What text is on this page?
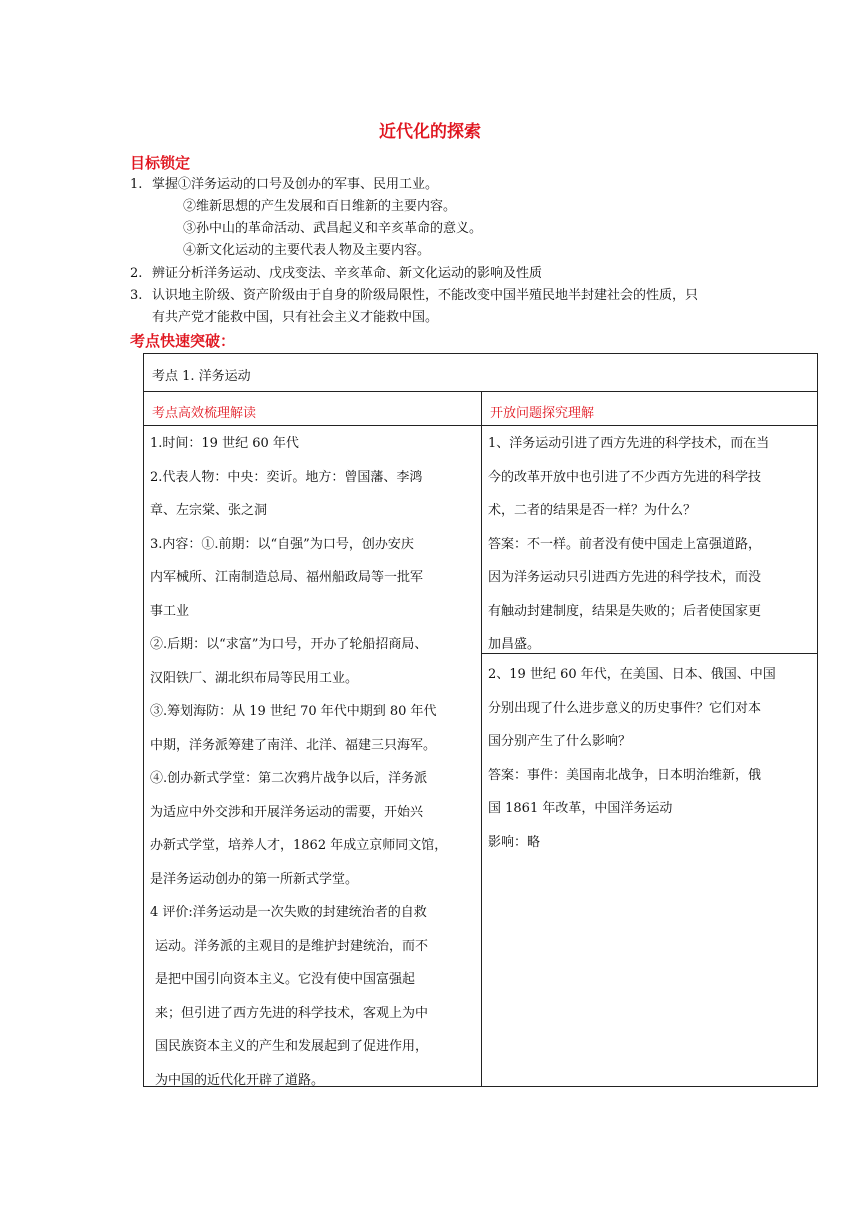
近代化的探索
目标锁定
1. 掌握①洋务运动的口号及创办的军事、民用工业。
②维新思想的产生发展和百日维新的主要内容。
③孙中山的革命活动、武昌起义和辛亥革命的意义。
④新文化运动的主要代表人物及主要内容。
2. 辨证分析洋务运动、戊戌变法、辛亥革命、新文化运动的影响及性质
3. 认识地主阶级、资产阶级由于自身的阶级局限性，不能改变中国半殖民地半封建社会的性质，只
有共产党才能救中国，只有社会主义才能救中国。
考点快速突破：
考点 1. 洋务运动
考点高效梳理解读	开放问题探究理解

1.时间：19 世纪 60 年代

2.代表人物：中央：奕䜣。地方：曾国藩、李鸿

章、左宗棠、张之洞

3.内容：①.前期：以“自强”为口号，创办安庆

内军械所、江南制造总局、福州船政局等一批军

事工业

②.后期：以“求富”为口号，开办了轮船招商局、

汉阳铁厂、湖北织布局等民用工业。

③.筹划海防：从 19 世纪 70 年代中期到 80 年代

中期，洋务派筹建了南洋、北洋、福建三只海军。

④.创办新式学堂：第二次鸦片战争以后，洋务派

为适应中外交涉和开展洋务运动的需要，开始兴

办新式学堂，培养人才，1862 年成立京师同文馆，

是洋务运动创办的第一所新式学堂。

4 评价:洋务运动是一次失败的封建统治者的自救

运动。洋务派的主观目的是维护封建统治，而不

是把中国引向资本主义。它没有使中国富强起

来；但引进了西方先进的科学技术，客观上为中

国民族资本主义的产生和发展起到了促进作用，

为中国的近代化开辟了道路。

1、洋务运动引进了西方先进的科学技术，而在当

今的改革开放中也引进了不少西方先进的科学技

术，二者的结果是否一样？为什么？

答案：不一样。前者没有使中国走上富强道路，

因为洋务运动只引进西方先进的科学技术，而没

有触动封建制度，结果是失败的；后者使国家更

加昌盛。

2、19 世纪 60 年代，在美国、日本、俄国、中国

分别出现了什么进步意义的历史事件？它们对本

国分别产生了什么影响？

答案：事件：美国南北战争，日本明治维新，俄

国 1861 年改革，中国洋务运动

影响：略
